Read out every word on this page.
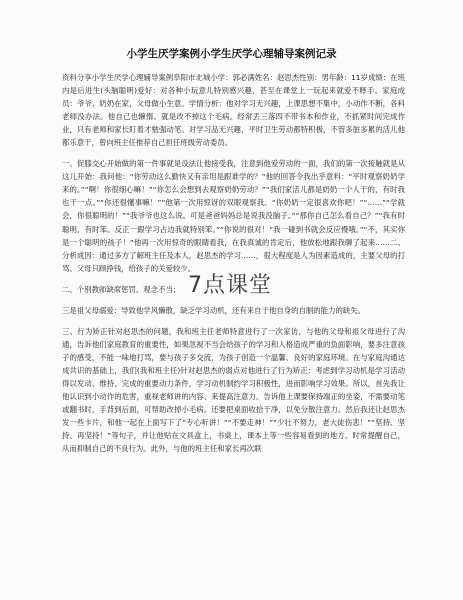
小学生厌学案例小学生厌学心理辅导案例记录

资料分享小学生厌学心理辅导案例阜阳市北城小学：郭必满姓名：赵思杰性别：男年龄：11岁成绩：在班内是后进生(头脑聪明)爱好：对各种小玩意儿特别感兴趣，甚至在课堂上一玩起来就爱不释手。家庭成员：爷爷、奶奶在家，父母做小生意。学情分析：他对学习无兴趣，上课思想不集中，小动作不断，各科老师没办法。他自己也懒惰、就是改不掉这个毛病。经常丢三落四不带书本和作业，不抓紧时间完成作业，只有老师和家长盯着才勉强动笔。对学习品无兴趣，平时卫生劳动都特积极，不管多脏多累的活儿他都乐意干，曾向班主任推荐自己担任班级劳动委员。

一、促膝交心开始做的第一件事就是设法让他接受我，注意到他爱劳动的一面，我们的第一次接触就是从这儿开始：我问他：“你劳动这么勤快又有亲坦是跟谁学的？”他的回答令我出乎意料：“平时观察奶奶学来的。”“啊！你很细心嘛！”“你怎么会想到去观察奶奶劳动？”“我们家活儿都是奶奶一个人干的，有时我也干一点。”“你还很懂事嘛！”“他第一次用惊讶的双眼观察我。“你奶奶一定很喜欢你吧！”“……”“学就会，你很聪明的！”“我爷爷也这么说。可是爸爸妈妈总是说我没脑子。”“那你自己怎么看自己？”“我有时聪明，有时笨。反正一跟学习占边我就特别笨。”“你说的很对！”我一碰到书就会反应慢哦。”“不，其实你是一个聪明的孩子！”他再一次用惊奇的眼睛看我，在我真诚的肯定后，他放松地跟我聊了起来……二、分析成因：通过多方了解班主任及本人，赵思杰的学习……，很大程度是人为因素造成的，主要父母的打骂、父母只顾挣钱，给孩子的关爱较少。

二、个别教师缺席惩罚、观念不当；

三是祖父母溺爱：导致他学风懒散，缺乏学习动机，还有来自于他自身的自制的能力的缺失。

三、行为矫正针对赵思杰的问题，我和班主任老师特意进行了一次家访，与他的父母和祖父母进行了沟通，告诉他们家庭教育的重要性，如果忽视不当会给孩子的学习和人格造成严重的负面影响，要多注意孩子的感受，不能一味地打骂，要与孩子多交流，为孩子创造一个温馨、良好的家庭环境。在与家庭沟通达成共识的基础上，我们(我和班主任)针对赵思杰的弱点对他进行了行为矫正：考虑到学习动机是学习活动得以发动、维持、完成的重要动力条件，学习动机制约学习积极性，进而影响学习效果。所以，首先我让他认识到小动作的危害，重视老师讲的内容、来提高注意力。告诉他上课要保持端正的坐姿，不需要动笔或翻书时，手背到后面，可帮助改掉小毛病。还要把桌面收拾干净，以免分散注意力。然后我还让赵思杰发一些卡片，和他一起在上面写下了“专心听讲！”“不要走神！”“少壮不努力，老大徒伤悲！”“坚持、坚持、再坚持！”等句子，并让他贴在文具盒上，书桌上，课本上等一些容易看到的地方。时常提醒自己，从而抑制自己的不良行为。此外，与他的班主任和家长再次联

7点课堂
